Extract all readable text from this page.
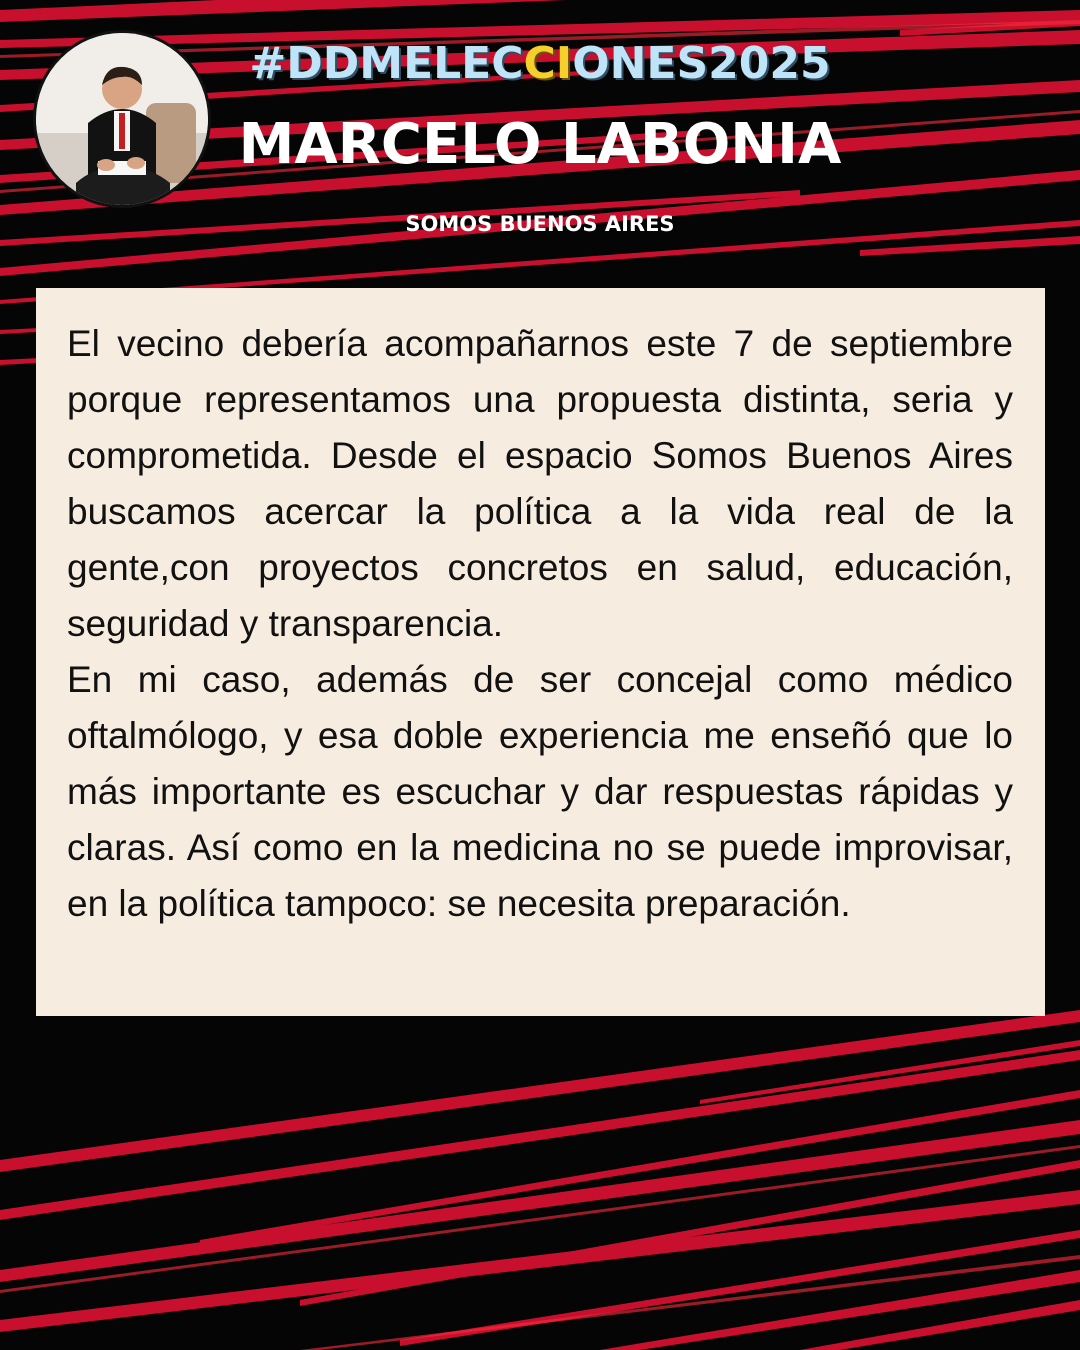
#DDMELECCIONES2025
MARCELO LABONIA
SOMOS BUENOS AIRES

El vecino debería acompañarnos este 7 de septiembre porque representamos una propuesta distinta, seria y comprometida. Desde el espacio Somos Buenos Aires buscamos acercar la política a la vida real de la gente,con proyectos concretos en salud, educación, seguridad y transparencia.

En mi caso, además de ser concejal como médico oftalmólogo, y esa doble experiencia me enseñó que lo más importante es escuchar y dar respuestas rápidas y claras. Así como en la medicina no se puede improvisar, en la política tampoco: se necesita preparación.
